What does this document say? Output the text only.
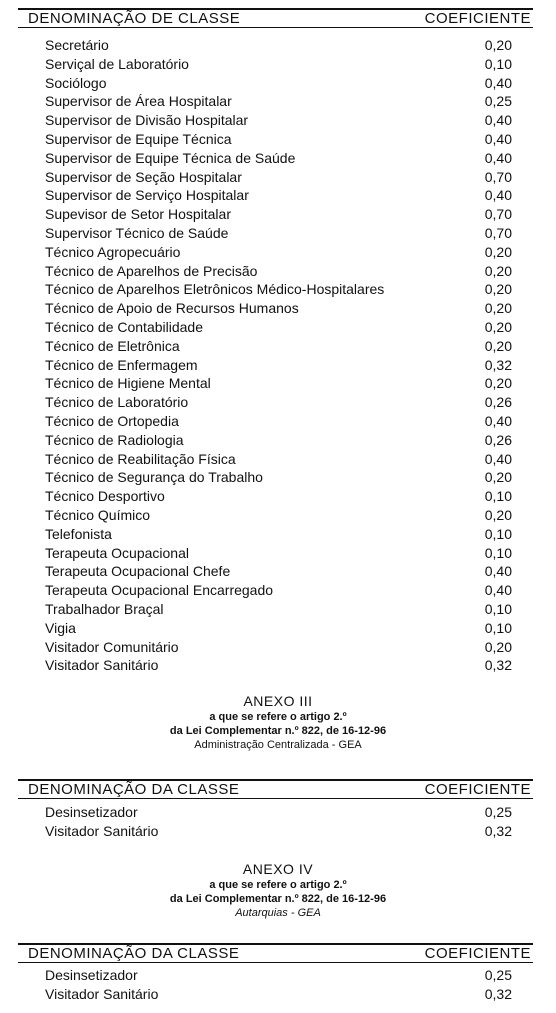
DENOMINAÇÃO DE CLASSE	COEFICIENTE
Secretário	0,20
Serviçal de Laboratório	0,10
Sociólogo	0,40
Supervisor de Área Hospitalar	0,25
Supervisor de Divisão Hospitalar	0,40
Supervisor de Equipe Técnica	0,40
Supervisor de Equipe Técnica de Saúde	0,40
Supervisor de Seção Hospitalar	0,70
Supervisor de Serviço Hospitalar	0,40
Supevisor de Setor Hospitalar	0,70
Supervisor Técnico de Saúde	0,70
Técnico Agropecuário	0,20
Técnico de Aparelhos de Precisão	0,20
Técnico de Aparelhos Eletrônicos Médico-Hospitalares	0,20
Técnico de Apoio de Recursos Humanos	0,20
Técnico de Contabilidade	0,20
Técnico de Eletrônica	0,20
Técnico de Enfermagem	0,32
Técnico de Higiene Mental	0,20
Técnico de Laboratório	0,26
Técnico de Ortopedia	0,40
Técnico de Radiologia	0,26
Técnico de Reabilitação Física	0,40
Técnico de Segurança do Trabalho	0,20
Técnico Desportivo	0,10
Técnico Químico	0,20
Telefonista	0,10
Terapeuta Ocupacional	0,10
Terapeuta Ocupacional Chefe	0,40
Terapeuta Ocupacional Encarregado	0,40
Trabalhador Braçal	0,10
Vigia	0,10
Visitador Comunitário	0,20
Visitador Sanitário	0,32
ANEXO III
a que se refere o artigo 2.º
da Lei Complementar n.º 822, de 16-12-96
Administração Centralizada - GEA
DENOMINAÇÃO DA CLASSE	COEFICIENTE
Desinsetizador	0,25
Visitador Sanitário	0,32
ANEXO IV
a que se refere o artigo 2.º
da Lei Complementar n.º 822, de 16-12-96
Autarquias - GEA
DENOMINAÇÃO DA CLASSE	COEFICIENTE
Desinsetizador	0,25
Visitador Sanitário	0,32
